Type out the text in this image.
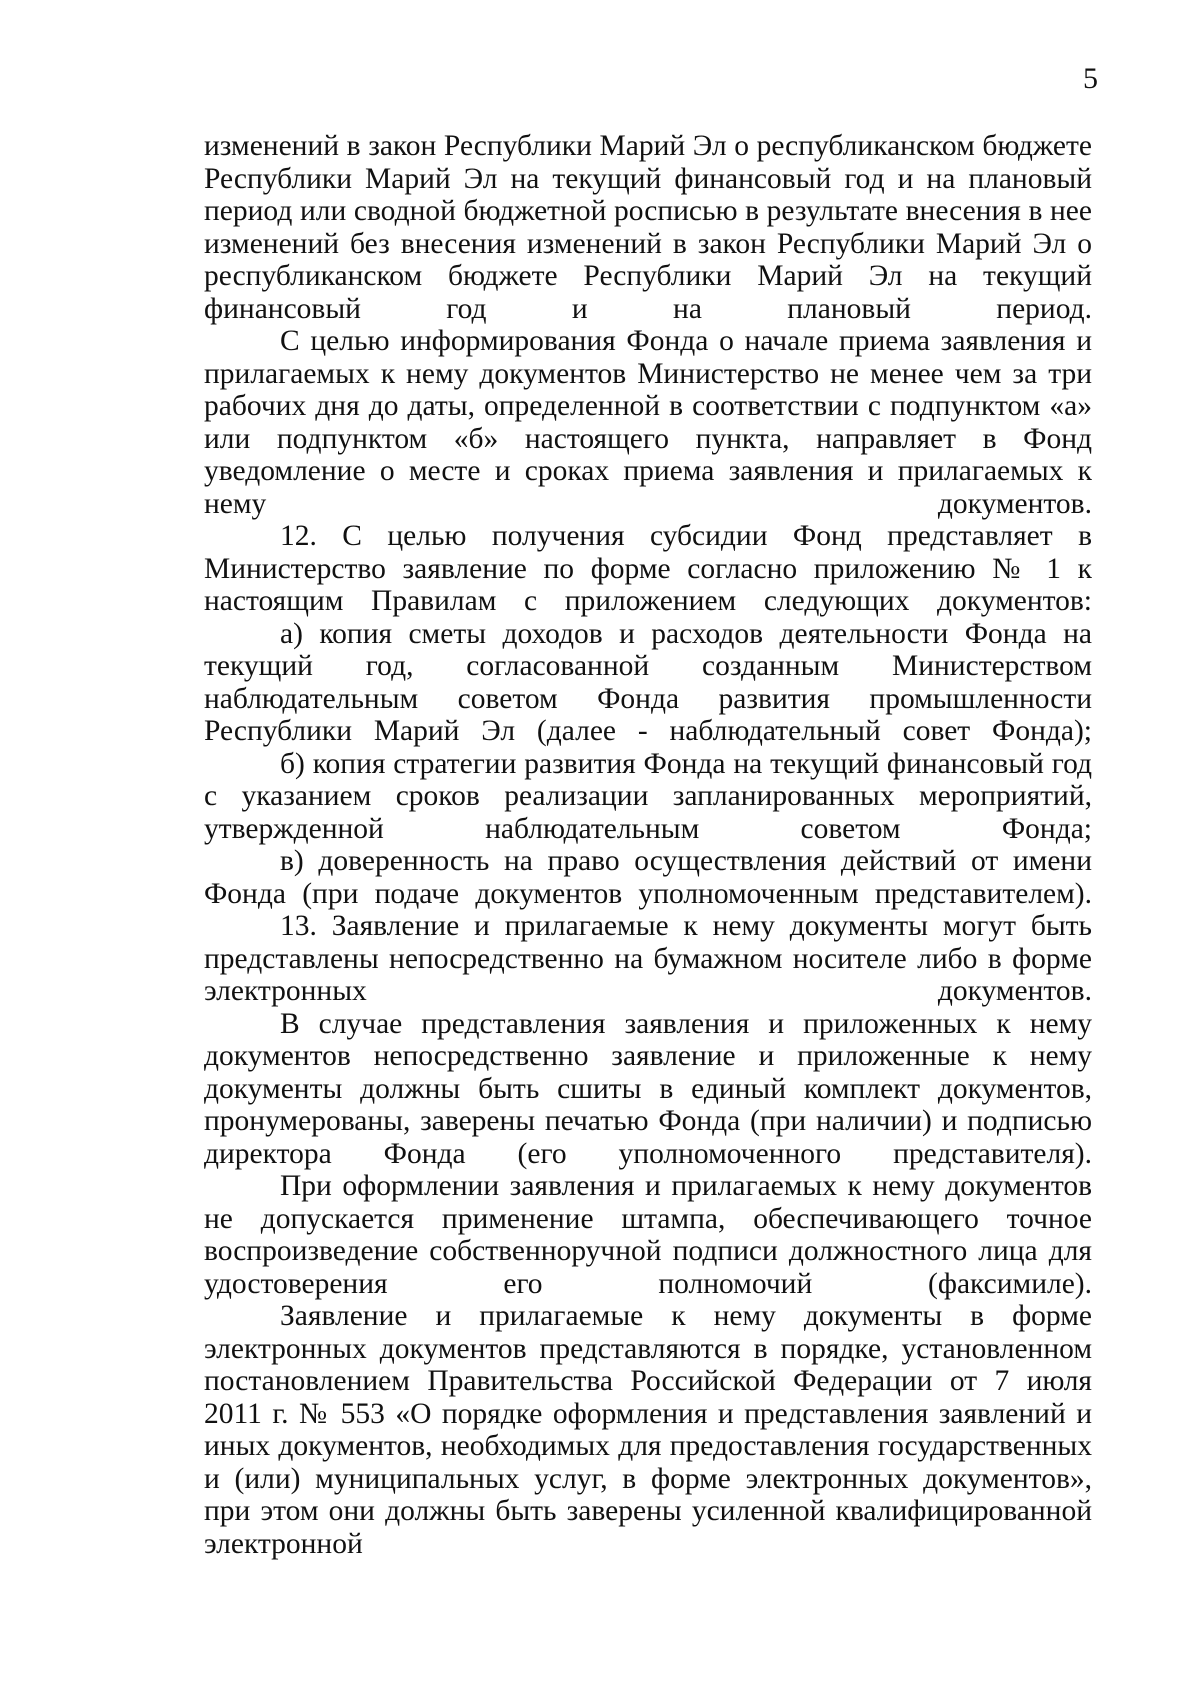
5

изменений в закон Республики Марий Эл о республиканском бюджете Республики Марий Эл на текущий финансовый год и на плановый период или сводной бюджетной росписью в результате внесения в нее изменений без внесения изменений в закон Республики Марий Эл о республиканском бюджете Республики Марий Эл на текущий финансовый год и на плановый период.

С целью информирования Фонда о начале приема заявления и прилагаемых к нему документов Министерство не менее чем за три рабочих дня до даты, определенной в соответствии с подпунктом «а» или подпунктом «б» настоящего пункта, направляет в Фонд уведомление о месте и сроках приема заявления и прилагаемых к нему документов.

12. С целью получения субсидии Фонд представляет в Министерство заявление по форме согласно приложению № 1 к настоящим Правилам с приложением следующих документов:

а) копия сметы доходов и расходов деятельности Фонда на текущий год, согласованной созданным Министерством наблюдательным советом Фонда развития промышленности Республики Марий Эл (далее - наблюдательный совет Фонда);

б) копия стратегии развития Фонда на текущий финансовый год с указанием сроков реализации запланированных мероприятий, утвержденной наблюдательным советом Фонда;

в) доверенность на право осуществления действий от имени Фонда (при подаче документов уполномоченным представителем).

13. Заявление и прилагаемые к нему документы могут быть представлены непосредственно на бумажном носителе либо в форме электронных документов.

В случае представления заявления и приложенных к нему документов непосредственно заявление и приложенные к нему документы должны быть сшиты в единый комплект документов, пронумерованы, заверены печатью Фонда (при наличии) и подписью директора Фонда (его уполномоченного представителя).

При оформлении заявления и прилагаемых к нему документов не допускается применение штампа, обеспечивающего точное воспроизведение собственноручной подписи должностного лица для удостоверения его полномочий (факсимиле).

Заявление и прилагаемые к нему документы в форме электронных документов представляются в порядке, установленном постановлением Правительства Российской Федерации от 7 июля 2011 г. № 553 «О порядке оформления и представления заявлений и иных документов, необходимых для предоставления государственных и (или) муниципальных услуг, в форме электронных документов», при этом они должны быть заверены усиленной квалифицированной электронной
